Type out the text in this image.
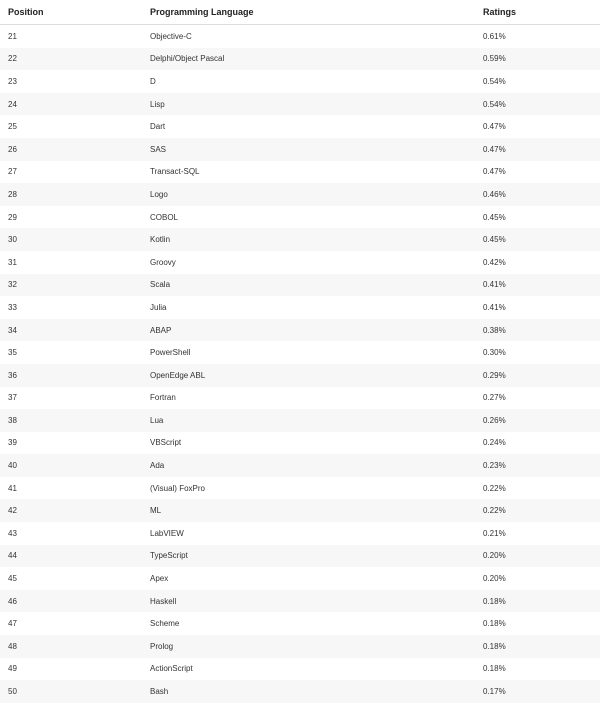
Position	Programming Language	Ratings
21	Objective-C	0.61%
22	Delphi/Object Pascal	0.59%
23	D	0.54%
24	Lisp	0.54%
25	Dart	0.47%
26	SAS	0.47%
27	Transact-SQL	0.47%
28	Logo	0.46%
29	COBOL	0.45%
30	Kotlin	0.45%
31	Groovy	0.42%
32	Scala	0.41%
33	Julia	0.41%
34	ABAP	0.38%
35	PowerShell	0.30%
36	OpenEdge ABL	0.29%
37	Fortran	0.27%
38	Lua	0.26%
39	VBScript	0.24%
40	Ada	0.23%
41	(Visual) FoxPro	0.22%
42	ML	0.22%
43	LabVIEW	0.21%
44	TypeScript	0.20%
45	Apex	0.20%
46	Haskell	0.18%
47	Scheme	0.18%
48	Prolog	0.18%
49	ActionScript	0.18%
50	Bash	0.17%
